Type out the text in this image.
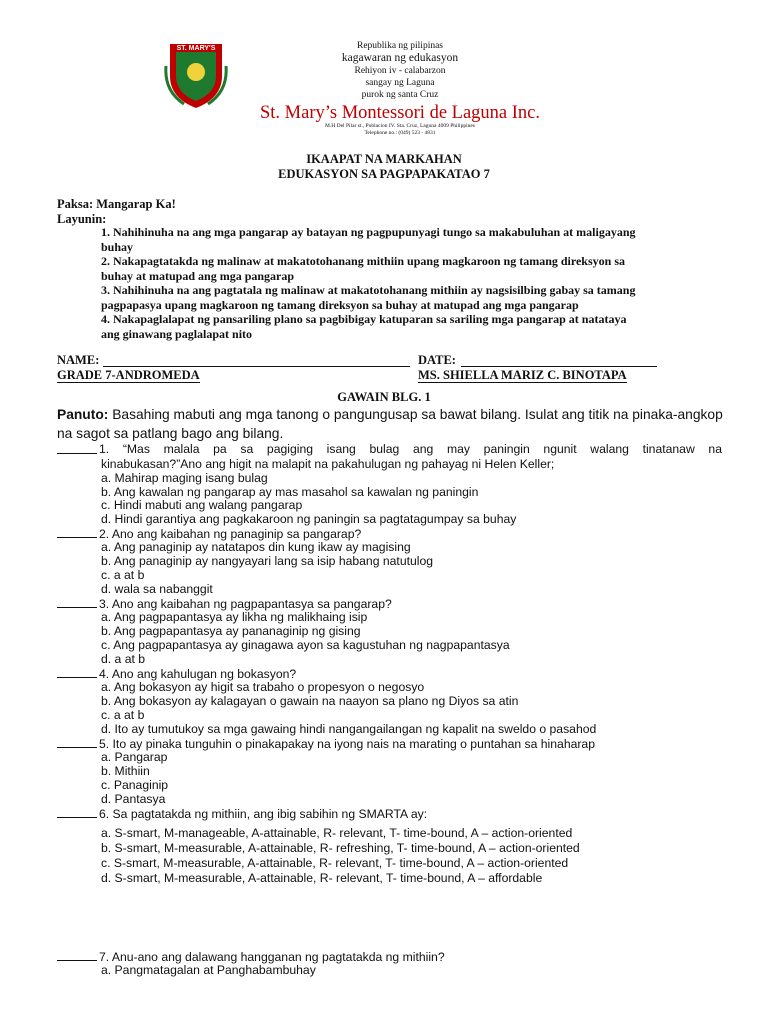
ST. MARY'S	Republika ng pilipinas
kagawaran ng edukasyon
Rehiyon iv - calabarzon
sangay ng Laguna
purok ng santa Cruz
St. Mary’s Montessori de Laguna Inc.
M.H Del Pilar st., Poblacion IV. Sta. Cruz, Laguna 4009 Philippines
Telephone no.: (049) 523 - 4831
IKAAPAT NA MARKAHAN
EDUKASYON SA PAGPAPAKATAO 7
Paksa: Mangarap Ka!
Layunin:
1. Nahihinuha na ang mga pangarap ay batayan ng pagpupunyagi tungo sa makabuluhan at maligayang
buhay
2. Nakapagtatakda ng malinaw at makatotohanang mithiin upang magkaroon ng tamang direksyon sa
buhay at matupad ang mga pangarap
3. Nahihinuha na ang pagtatala ng malinaw at makatotohanang mithiin ay nagsisilbing gabay sa tamang
pagpapasya upang magkaroon ng tamang direksyon sa buhay at matupad ang mga pangarap
4. Nakapaglalapat ng pansariling plano sa pagbibigay katuparan sa sariling mga pangarap at natataya
ang ginawang paglalapat nito
NAME:	DATE:
GRADE 7-ANDROMEDA	MS. SHIELLA MARIZ C. BINOTAPA
GAWAIN BLG. 1
Panuto: Basahing mabuti ang mga tanong o pangungusap sa bawat bilang. Isulat ang titik na pinaka-angkop na sagot sa patlang bago ang bilang.
1. “Mas malala pa sa pagiging isang bulag ang may paningin ngunit walang tinatanaw na
kinabukasan?”Ano ang higit na malapit na pakahulugan ng pahayag ni Helen Keller;
a. Mahirap maging isang bulag
b. Ang kawalan ng pangarap ay mas masahol sa kawalan ng paningin
c. Hindi mabuti ang walang pangarap
d. Hindi garantiya ang pagkakaroon ng paningin sa pagtatagumpay sa buhay
2. Ano ang kaibahan ng panaginip sa pangarap?
a. Ang panaginip ay natatapos din kung ikaw ay magising
b. Ang panaginip ay nangyayari lang sa isip habang natutulog
c. a at b
d. wala sa nabanggit
3. Ano ang kaibahan ng pagpapantasya sa pangarap?
a. Ang pagpapantasya ay likha ng malikhaing isip
b. Ang pagpapantasya ay pananaginip ng gising
c. Ang pagpapantasya ay ginagawa ayon sa kagustuhan ng nagpapantasya
d. a at b
4. Ano ang kahulugan ng bokasyon?
a. Ang bokasyon ay higit sa trabaho o propesyon o negosyo
b. Ang bokasyon ay kalagayan o gawain na naayon sa plano ng Diyos sa atin
c. a at b
d. Ito ay tumutukoy sa mga gawaing hindi nangangailangan ng kapalit na sweldo o pasahod
5. Ito ay pinaka tunguhin o pinakapakay na iyong nais na marating o puntahan sa hinaharap
a. Pangarap
b. Mithiin
c. Panaginip
d. Pantasya
6. Sa pagtatakda ng mithiin, ang ibig sabihin ng SMARTA ay:
a. S-smart, M-manageable, A-attainable, R- relevant, T- time-bound, A – action-oriented
b. S-smart, M-measurable, A-attainable, R- refreshing, T- time-bound, A – action-oriented
c. S-smart, M-measurable, A-attainable, R- relevant, T- time-bound, A – action-oriented
d. S-smart, M-measurable, A-attainable, R- relevant, T- time-bound, A – affordable
7. Anu-ano ang dalawang hangganan ng pagtatakda ng mithiin?
a. Pangmatagalan at Panghabambuhay
